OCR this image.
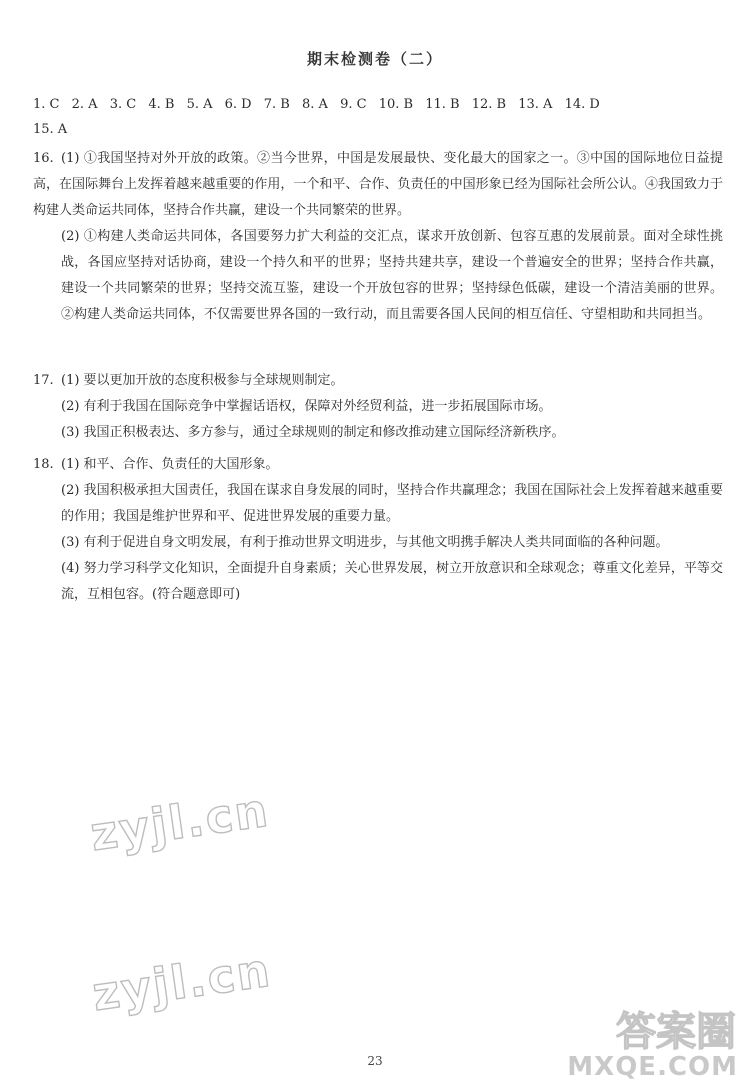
期末检测卷（二）
1. C 2. A 3. C 4. B 5. A 6. D 7. B 8. A 9. C 10. B 11. B 12. B 13. A 14. D
15. A

16. (1) ①我国坚持对外开放的政策。②当今世界，中国是发展最快、变化最大的国家之一。③中国的国际地位日益提高，在国际舞台上发挥着越来越重要的作用，一个和平、合作、负责任的中国形象已经为国际社会所公认。④我国致力于构建人类命运共同体，坚持合作共赢，建设一个共同繁荣的世界。

(2) ①构建人类命运共同体，各国要努力扩大利益的交汇点，谋求开放创新、包容互惠的发展前景。面对全球性挑战，各国应坚持对话协商，建设一个持久和平的世界；坚持共建共享，建设一个普遍安全的世界；坚持合作共赢，建设一个共同繁荣的世界；坚持交流互鉴，建设一个开放包容的世界；坚持绿色低碳，建设一个清洁美丽的世界。②构建人类命运共同体，不仅需要世界各国的一致行动，而且需要各国人民间的相互信任、守望相助和共同担当。

17. (1) 要以更加开放的态度积极参与全球规则制定。

(2) 有利于我国在国际竞争中掌握话语权，保障对外经贸利益，进一步拓展国际市场。

(3) 我国正积极表达、多方参与，通过全球规则的制定和修改推动建立国际经济新秩序。

18. (1) 和平、合作、负责任的大国形象。

(2) 我国积极承担大国责任，我国在谋求自身发展的同时，坚持合作共赢理念；我国在国际社会上发挥着越来越重要的作用；我国是维护世界和平、促进世界发展的重要力量。

(3) 有利于促进自身文明发展，有利于推动世界文明进步，与其他文明携手解决人类共同面临的各种问题。

(4) 努力学习科学文化知识，全面提升自身素质；关心世界发展，树立开放意识和全球观念；尊重文化差异，平等交流，互相包容。(符合题意即可)

zyjl.cn
zyjl.cn
答案圈
MXQE.COM
23
